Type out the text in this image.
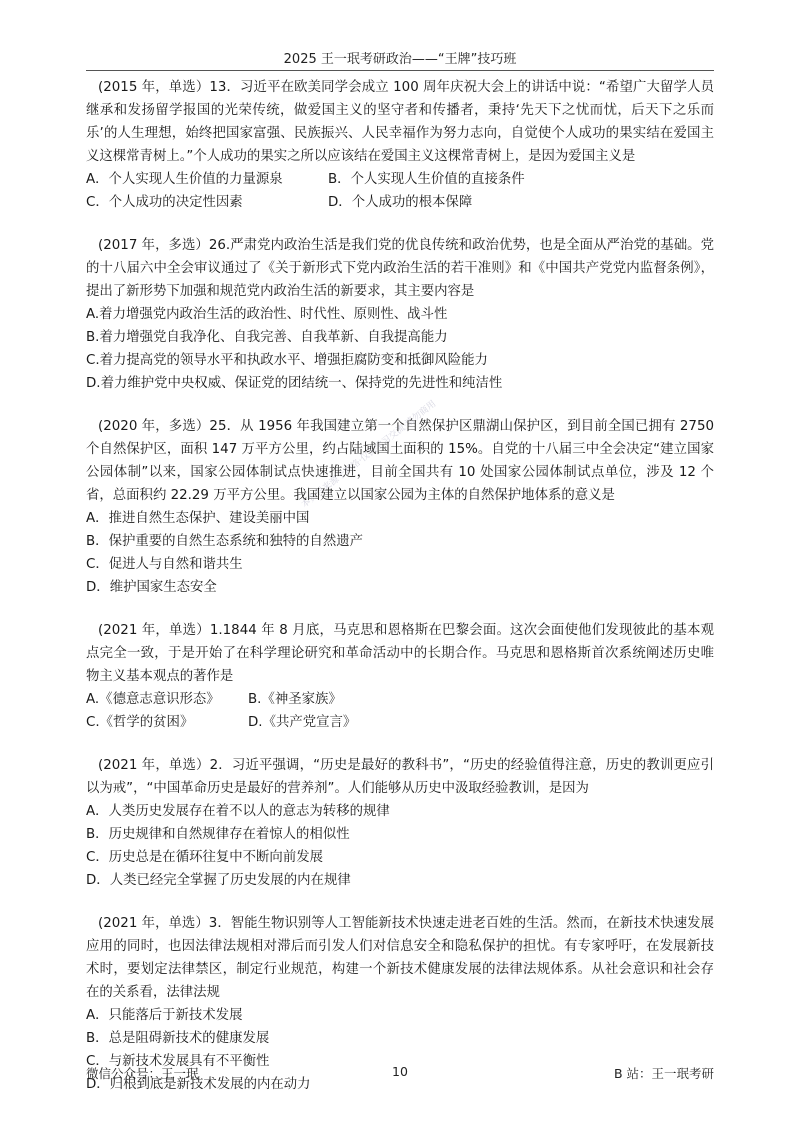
2025 王一珉考研政治——“王牌”技巧班
本资料来源于网络·仅供学习交流·请勿商用

(2015 年，单选）13．习近平在欧美同学会成立 100 周年庆祝大会上的讲话中说：“希望广大留学人员继承和发扬留学报国的光荣传统，做爱国主义的坚守者和传播者，秉持‘先天下之忧而忧，后天下之乐而乐’的人生理想，始终把国家富强、民族振兴、人民幸福作为努力志向，自觉使个人成功的果实结在爱国主义这棵常青树上。”个人成功的果实之所以应该结在爱国主义这棵常青树上，是因为爱国主义是

A．个人实现人生价值的力量源泉	B．个人实现人生价值的直接条件
C．个人成功的决定性因素	D．个人成功的根本保障

(2017 年，多选）26.严肃党内政治生活是我们党的优良传统和政治优势，也是全面从严治党的基础。党的十八届六中全会审议通过了《关于新形式下党内政治生活的若干准则》和《中国共产党党内监督条例》，提出了新形势下加强和规范党内政治生活的新要求，其主要内容是

A.着力增强党内政治生活的政治性、时代性、原则性、战斗性
B.着力增强党自我净化、自我完善、自我革新、自我提高能力
C.着力提高党的领导水平和执政水平、增强拒腐防变和抵御风险能力
D.着力维护党中央权威、保证党的团结统一、保持党的先进性和纯洁性

(2020 年，多选）25．从 1956 年我国建立第一个自然保护区鼎湖山保护区，到目前全国已拥有 2750 个自然保护区，面积 147 万平方公里，约占陆域国土面积的 15%。自党的十八届三中全会决定“建立国家公园体制”以来，国家公园体制试点快速推进，目前全国共有 10 处国家公园体制试点单位，涉及 12 个省，总面积约 22.29 万平方公里。我国建立以国家公园为主体的自然保护地体系的意义是

A．推进自然生态保护、建设美丽中国
B．保护重要的自然生态系统和独特的自然遗产
C．促进人与自然和谐共生
D．维护国家生态安全

(2021 年，单选）1.1844 年 8 月底，马克思和恩格斯在巴黎会面。这次会面使他们发现彼此的基本观点完全一致，于是开始了在科学理论研究和革命活动中的长期合作。马克思和恩格斯首次系统阐述历史唯物主义基本观点的著作是

A.《德意志意识形态》	B.《神圣家族》
C.《哲学的贫困》	D.《共产党宣言》

(2021 年，单选）2．习近平强调，“历史是最好的教科书”，“历史的经验值得注意，历史的教训更应引以为戒”，“中国革命历史是最好的营养剂”。人们能够从历史中汲取经验教训，是因为

A．人类历史发展存在着不以人的意志为转移的规律
B．历史规律和自然规律存在着惊人的相似性
C．历史总是在循环往复中不断向前发展
D．人类已经完全掌握了历史发展的内在规律

(2021 年，单选）3．智能生物识别等人工智能新技术快速走进老百姓的生活。然而，在新技术快速发展应用的同时，也因法律法规相对滞后而引发人们对信息安全和隐私保护的担忧。有专家呼吁，在发展新技术时，要划定法律禁区，制定行业规范，构建一个新技术健康发展的法律法规体系。从社会意识和社会存在的关系看，法律法规

A．只能落后于新技术发展
B．总是阻碍新技术的健康发展
C．与新技术发展具有不平衡性
D．归根到底是新技术发展的内在动力
微信公众号：王一珉	10	B 站：王一珉考研
